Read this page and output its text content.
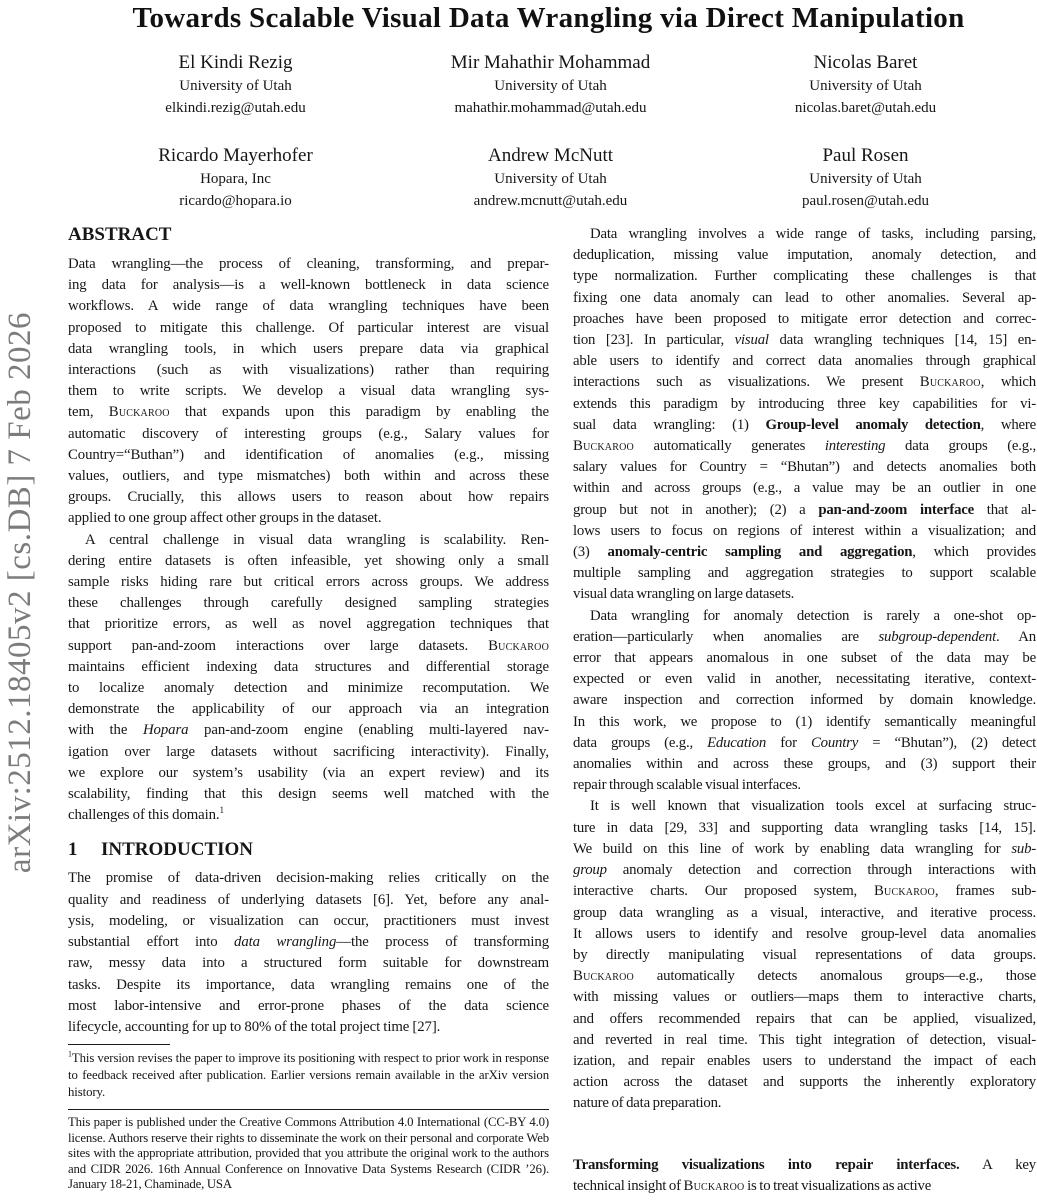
arXiv:2512.18405v2 [cs.DB] 7 Feb 2026
Towards Scalable Visual Data Wrangling via Direct Manipulation
El Kindi Rezig
University of Utah
elkindi.rezig@utah.edu
Mir Mahathir Mohammad
University of Utah
mahathir.mohammad@utah.edu
Nicolas Baret
University of Utah
nicolas.baret@utah.edu
Ricardo Mayerhofer
Hopara, Inc
ricardo@hopara.io
Andrew McNutt
University of Utah
andrew.mcnutt@utah.edu
Paul Rosen
University of Utah
paul.rosen@utah.edu
ABSTRACT
Data wrangling—the process of cleaning, transforming, and prepar-
ing data for analysis—is a well-known bottleneck in data science
workflows. A wide range of data wrangling techniques have been
proposed to mitigate this challenge. Of particular interest are visual
data wrangling tools, in which users prepare data via graphical
interactions (such as with visualizations) rather than requiring
them to write scripts. We develop a visual data wrangling sys-
tem, Buckaroo that expands upon this paradigm by enabling the
automatic discovery of interesting groups (e.g., Salary values for
Country=“Buthan”) and identification of anomalies (e.g., missing
values, outliers, and type mismatches) both within and across these
groups. Crucially, this allows users to reason about how repairs
applied to one group affect other groups in the dataset.
A central challenge in visual data wrangling is scalability. Ren-
dering entire datasets is often infeasible, yet showing only a small
sample risks hiding rare but critical errors across groups. We address
these challenges through carefully designed sampling strategies
that prioritize errors, as well as novel aggregation techniques that
support pan-and-zoom interactions over large datasets. Buckaroo
maintains efficient indexing data structures and differential storage
to localize anomaly detection and minimize recomputation. We
demonstrate the applicability of our approach via an integration
with the Hopara pan-and-zoom engine (enabling multi-layered nav-
igation over large datasets without sacrificing interactivity). Finally,
we explore our system’s usability (via an expert review) and its
scalability, finding that this design seems well matched with the
challenges of this domain.$^1$
1 INTRODUCTION
The promise of data-driven decision-making relies critically on the
quality and readiness of underlying datasets [6]. Yet, before any anal-
ysis, modeling, or visualization can occur, practitioners must invest
substantial effort into data wrangling—the process of transforming
raw, messy data into a structured form suitable for downstream
tasks. Despite its importance, data wrangling remains one of the
most labor-intensive and error-prone phases of the data science
lifecycle, accounting for up to 80% of the total project time [27].
Data wrangling involves a wide range of tasks, including parsing,
deduplication, missing value imputation, anomaly detection, and
type normalization. Further complicating these challenges is that
fixing one data anomaly can lead to other anomalies. Several ap-
proaches have been proposed to mitigate error detection and correc-
tion [23]. In particular, visual data wrangling techniques [14, 15] en-
able users to identify and correct data anomalies through graphical
interactions such as visualizations. We present Buckaroo, which
extends this paradigm by introducing three key capabilities for vi-
sual data wrangling: (1) Group-level anomaly detection, where
Buckaroo automatically generates interesting data groups (e.g.,
salary values for Country = “Bhutan”) and detects anomalies both
within and across groups (e.g., a value may be an outlier in one
group but not in another); (2) a pan-and-zoom interface that al-
lows users to focus on regions of interest within a visualization; and
(3) anomaly-centric sampling and aggregation, which provides
multiple sampling and aggregation strategies to support scalable
visual data wrangling on large datasets.
Data wrangling for anomaly detection is rarely a one-shot op-
eration—particularly when anomalies are subgroup-dependent. An
error that appears anomalous in one subset of the data may be
expected or even valid in another, necessitating iterative, context-
aware inspection and correction informed by domain knowledge.
In this work, we propose to (1) identify semantically meaningful
data groups (e.g., Education for Country = “Bhutan”), (2) detect
anomalies within and across these groups, and (3) support their
repair through scalable visual interfaces.
It is well known that visualization tools excel at surfacing struc-
ture in data [29, 33] and supporting data wrangling tasks [14, 15].
We build on this line of work by enabling data wrangling for sub-
group anomaly detection and correction through interactions with
interactive charts. Our proposed system, Buckaroo, frames sub-
group data wrangling as a visual, interactive, and iterative process.
It allows users to identify and resolve group-level data anomalies
by directly manipulating visual representations of data groups.
Buckaroo automatically detects anomalous groups—e.g., those
with missing values or outliers—maps them to interactive charts,
and offers recommended repairs that can be applied, visualized,
and reverted in real time. This tight integration of detection, visual-
ization, and repair enables users to understand the impact of each
action across the dataset and supports the inherently exploratory
nature of data preparation.
Transforming visualizations into repair interfaces. A key
technical insight of Buckaroo is to treat visualizations as active
$^1$This version revises the paper to improve its positioning with respect to prior work in response to feedback received after publication. Earlier versions remain available in the arXiv version history.
This paper is published under the Creative Commons Attribution 4.0 International (CC-BY 4.0) license. Authors reserve their rights to disseminate the work on their personal and corporate Web sites with the appropriate attribution, provided that you attribute the original work to the authors and CIDR 2026. 16th Annual Conference on Innovative Data Systems Research (CIDR ’26). January 18-21, Chaminade, USA
